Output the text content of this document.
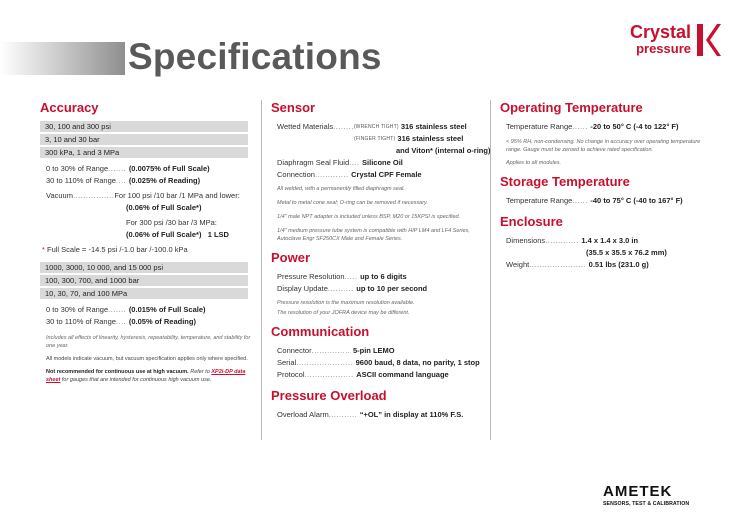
Specifications
Crystal
pressure
Accuracy
30, 100 and 300 psi
3, 10 and 30 bar
300 kPa, 1 and 3 MPa
0 to 30% of Range ....... (0.0075% of Full Scale)
30 to 110% of Range .... (0.025% of Reading)
Vacuum ................ For 100 psi /10 bar /1 MPa and lower:
(0.06% of Full Scale * )
For 300 psi /30 bar /3 MPa:
(0.06% of Full Scale * ) 1 LSD
*
Full Scale = -14.5 psi /-1.0 bar /-100.0 kPa
1000, 3000, 10 000, and 15 000 psi
100, 300, 700, and 1000 bar
10, 30, 70, and 100 MPa
0 to 30% of Range ....... (0.015% of Full Scale)
30 to 110% of Range .... (0.05% of Reading)
Includes all effects of linearity, hysteresis, repeatability, temperature, and stability for one year.
All models indicate vacuum, but vacuum specification applies only where specified.
Not recommended for continuous use at high vacuum. Refer to XP2i-DP data sheet for gauges that are intended for continuous high vacuum use.
Sensor
Wetted Materials ........ (WRENCH TIGHT)
316 stainless steel
(FINGER TIGHT)
316 stainless steel
and Viton* (internal o-ring)
Diaphragm Seal Fluid .... Silicone Oil
Connection ............. Crystal CPF Female
All welded, with a permanently filled diaphragm seal.
Metal to metal cone seal; O-ring can be removed if necessary.
1/4" male NPT adapter is included unless BSP, M20 or 15KPSI is specified.
1/4" medium pressure tube system is compatible with HIP LM4 and LF4 Series, Autoclave Engr SF250CX Male and Female Series.
Power
Pressure Resolution ..... up to 6 digits
Display Update .......... up to 10 per second
Pressure resolution is the maximum resolution available.
The resolution of your JOFRA device may be different.
Communication
Connector ............... 5-pin LEMO
Serial ...................... 9600 baud, 8 data, no parity, 1 stop
Protocol ................... ASCII command language
Pressure Overload
Overload Alarm ........... “+OL” in display at 110% F.S.
Operating Temperature
Temperature Range ...... -20 to 50° C (-4 to 122° F)
< 95% RH, non-condensing. No change in accuracy over operating temperature range. Gauge must be zeroed to achieve rated specification.
Applies to all modules.
Storage Temperature
Temperature Range ...... -40 to 75° C (-40 to 167° F)
Enclosure
Dimensions ............. 1.4 x 1.4 x 3.0 in
(35.5 x 35.5 x 76.2 mm)
Weight ...................... 0.51 lbs (231.0 g)
AMETEK
SENSORS, TEST & CALIBRATION
